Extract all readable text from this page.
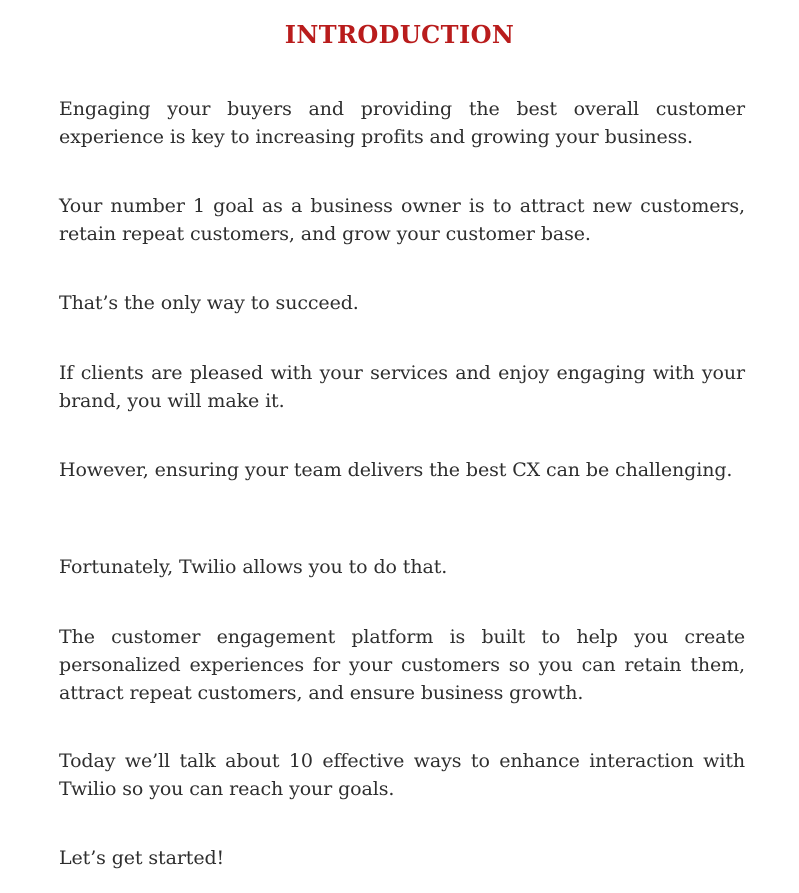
INTRODUCTION

Engaging your buyers and providing the best overall customer experience is key to increasing profits and growing your business.

Your number 1 goal as a business owner is to attract new customers, retain repeat customers, and grow your customer base.

That’s the only way to succeed.

If clients are pleased with your services and enjoy engaging with your brand, you will make it.

However, ensuring your team delivers the best CX can be challenging.

Fortunately, Twilio allows you to do that.

The customer engagement platform is built to help you create personalized experiences for your customers so you can retain them, attract repeat customers, and ensure business growth.

Today we’ll talk about 10 effective ways to enhance interaction with Twilio so you can reach your goals.

Let’s get started!
